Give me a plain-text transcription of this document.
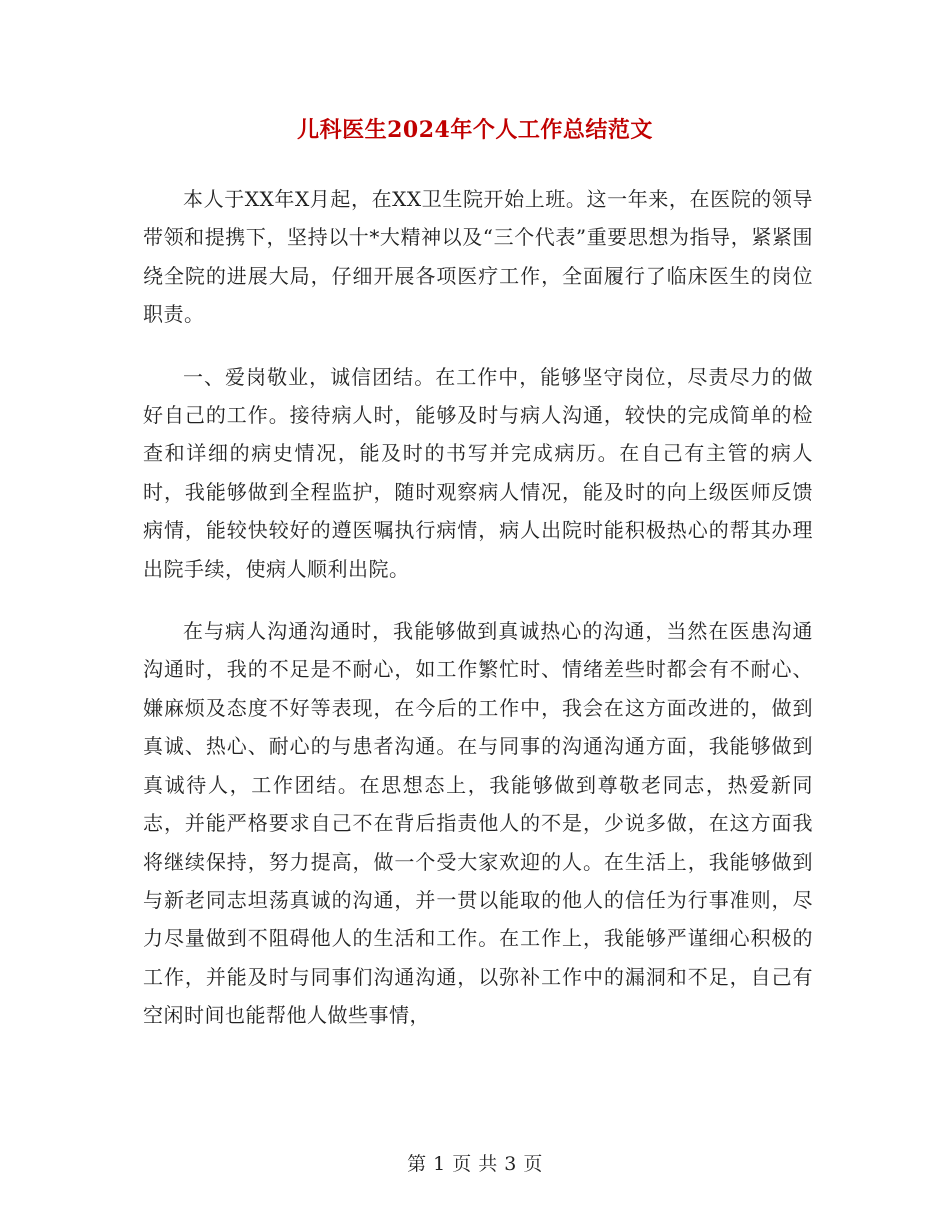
儿科医生2024年个人工作总结范文

本人于XX年X月起，在XX卫生院开始上班。这一年来，在医院的领导带领和提携下，坚持以十*大精神以及“三个代表”重要思想为指导，紧紧围绕全院的进展大局，仔细开展各项医疗工作，全面履行了临床医生的岗位职责。

一、爱岗敬业，诚信团结。在工作中，能够坚守岗位，尽责尽力的做好自己的工作。接待病人时，能够及时与病人沟通，较快的完成简单的检查和详细的病史情况，能及时的书写并完成病历。在自己有主管的病人时，我能够做到全程监护，随时观察病人情况，能及时的向上级医师反馈病情，能较快较好的遵医嘱执行病情，病人出院时能积极热心的帮其办理出院手续，使病人顺利出院。

在与病人沟通沟通时，我能够做到真诚热心的沟通，当然在医患沟通沟通时，我的不足是不耐心，如工作繁忙时、情绪差些时都会有不耐心、嫌麻烦及态度不好等表现，在今后的工作中，我会在这方面改进的，做到真诚、热心、耐心的与患者沟通。在与同事的沟通沟通方面，我能够做到真诚待人，工作团结。在思想态上，我能够做到尊敬老同志，热爱新同志，并能严格要求自己不在背后指责他人的不是，少说多做，在这方面我将继续保持，努力提高，做一个受大家欢迎的人。在生活上，我能够做到与新老同志坦荡真诚的沟通，并一贯以能取的他人的信任为行事准则，尽力尽量做到不阻碍他人的生活和工作。在工作上，我能够严谨细心积极的工作，并能及时与同事们沟通沟通，以弥补工作中的漏洞和不足，自己有空闲时间也能帮他人做些事情，

第 1 页 共 3 页
